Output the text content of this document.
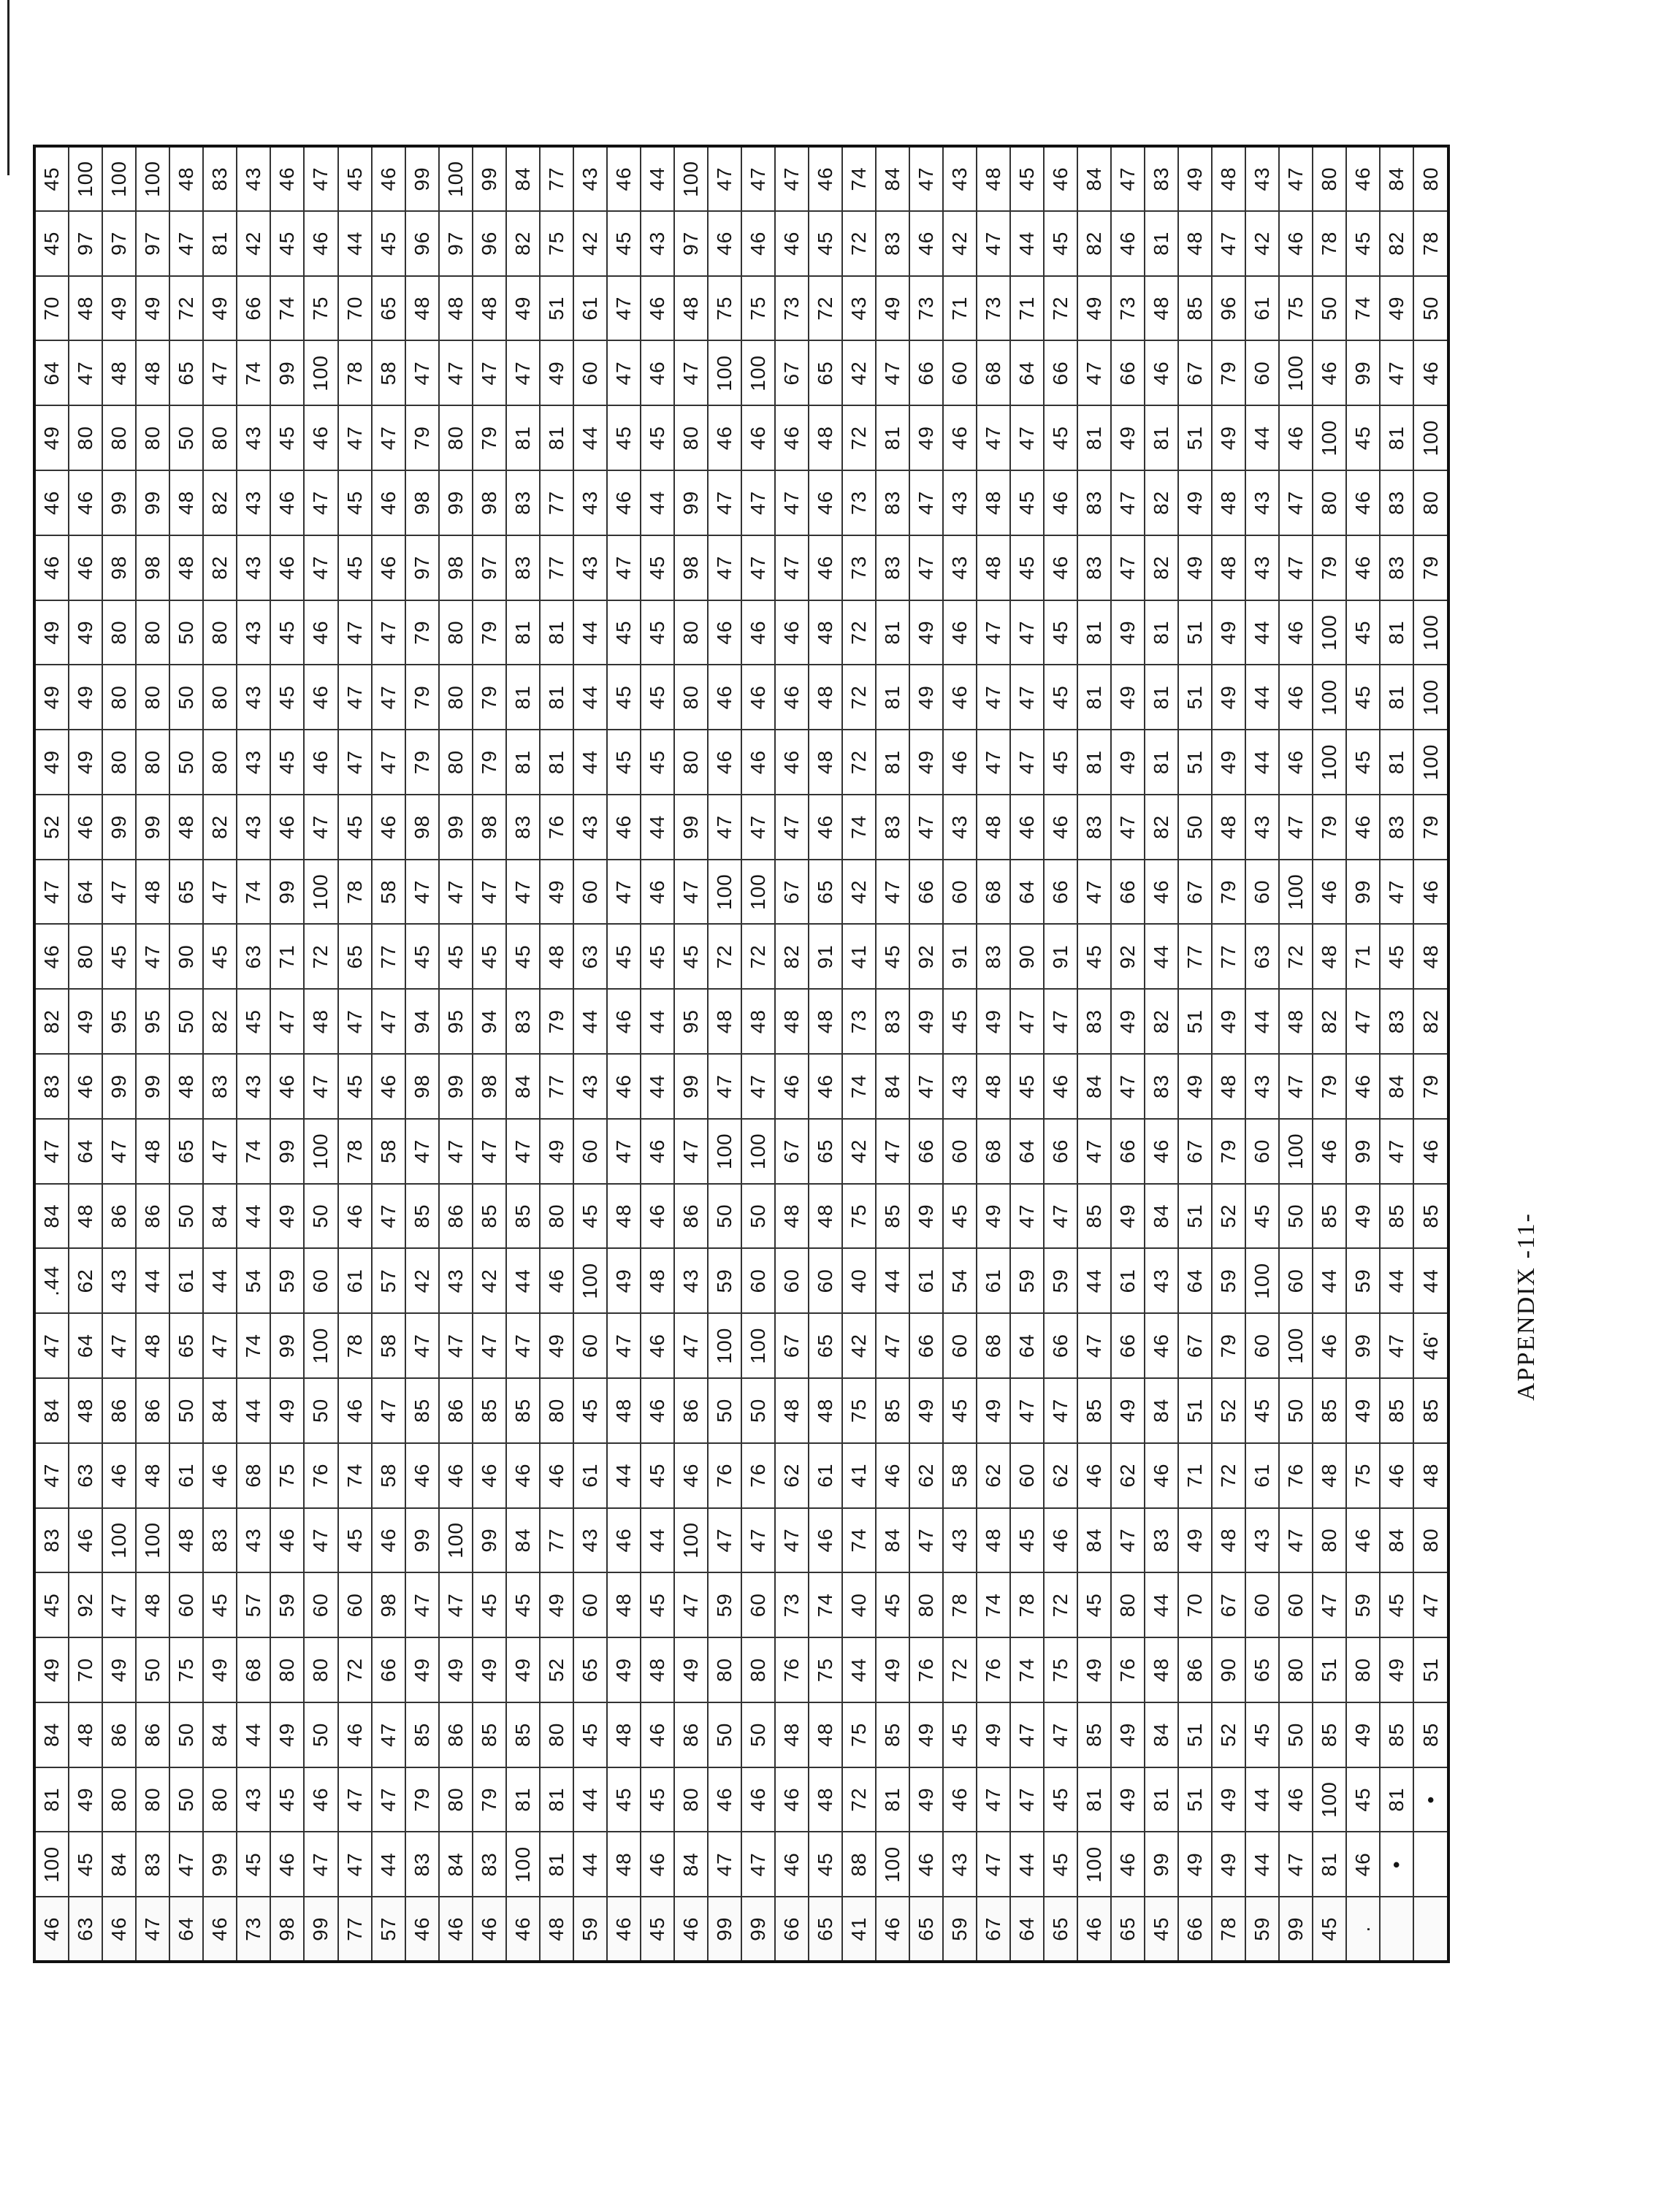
46	100	81	84	49	45	83	47	84	47	.44	84	47	83	82	46	47	52	49	49	49	46	46	49	64	70	45	45
63	45	49	48	70	92	46	63	48	64	62	48	64	46	49	80	64	46	49	49	49	46	46	80	47	48	97	100
46	84	80	86	49	47	100	46	86	47	43	86	47	99	95	45	47	99	80	80	80	98	99	80	48	49	97	100
47	83	80	86	50	48	100	48	86	48	44	86	48	99	95	47	48	99	80	80	80	98	99	80	48	49	97	100
64	47	50	50	75	60	48	61	50	65	61	50	65	48	50	90	65	48	50	50	50	48	48	50	65	72	47	48
46	99	80	84	49	45	83	46	84	47	44	84	47	83	82	45	47	82	80	80	80	82	82	80	47	49	81	83
73	45	43	44	68	57	43	68	44	74	54	44	74	43	45	63	74	43	43	43	43	43	43	43	74	66	42	43
98	46	45	49	80	59	46	75	49	99	59	49	99	46	47	71	99	46	45	45	45	46	46	45	99	74	45	46
99	47	46	50	80	60	47	76	50	100	60	50	100	47	48	72	100	47	46	46	46	47	47	46	100	75	46	47
77	47	47	46	72	60	45	74	46	78	61	46	78	45	47	65	78	45	47	47	47	45	45	47	78	70	44	45
57	44	47	47	66	98	46	58	47	58	57	47	58	46	47	77	58	46	47	47	47	46	46	47	58	65	45	46
46	83	79	85	49	47	99	46	85	47	42	85	47	98	94	45	47	98	79	79	79	97	98	79	47	48	96	99
46	84	80	86	49	47	100	46	86	47	43	86	47	99	95	45	47	99	80	80	80	98	99	80	47	48	97	100
46	83	79	85	49	45	99	46	85	47	42	85	47	98	94	45	47	98	79	79	79	97	98	79	47	48	96	99
46	100	81	85	49	45	84	46	85	47	44	85	47	84	83	45	47	83	81	81	81	83	83	81	47	49	82	84
48	81	81	80	52	49	77	46	80	49	46	80	49	77	79	48	49	76	81	81	81	77	77	81	49	51	75	77
59	44	44	45	65	60	43	61	45	60	100	45	60	43	44	63	60	43	44	44	44	43	43	44	60	61	42	43
46	48	45	48	49	48	46	44	48	47	49	48	47	46	46	45	47	46	45	45	45	47	46	45	47	47	45	46
45	46	45	46	48	45	44	45	46	46	48	46	46	44	44	45	46	44	45	45	45	45	44	45	46	46	43	44
46	84	80	86	49	47	100	46	86	47	43	86	47	99	95	45	47	99	80	80	80	98	99	80	47	48	97	100
99	47	46	50	80	59	47	76	50	100	59	50	100	47	48	72	100	47	46	46	46	47	47	46	100	75	46	47
99	47	46	50	80	60	47	76	50	100	60	50	100	47	48	72	100	47	46	46	46	47	47	46	100	75	46	47
66	46	46	48	76	73	47	62	48	67	60	48	67	46	48	82	67	47	46	46	46	47	47	46	67	73	46	47
65	45	48	48	75	74	46	61	48	65	60	48	65	46	48	91	65	46	48	48	48	46	46	48	65	72	45	46
41	88	72	75	44	40	74	41	75	42	40	75	42	74	73	41	42	74	72	72	72	73	73	72	42	43	72	74
46	100	81	85	49	45	84	46	85	47	44	85	47	84	83	45	47	83	81	81	81	83	83	81	47	49	83	84
65	46	49	49	76	80	47	62	49	66	61	49	66	47	49	92	66	47	49	49	49	47	47	49	66	73	46	47
59	43	46	45	72	78	43	58	45	60	54	45	60	43	45	91	60	43	46	46	46	43	43	46	60	71	42	43
67	47	47	49	76	74	48	62	49	68	61	49	68	48	49	83	68	48	47	47	47	48	48	47	68	73	47	48
64	44	47	47	74	78	45	60	47	64	59	47	64	45	47	90	64	46	47	47	47	45	45	47	64	71	44	45
65	45	45	47	75	72	46	62	47	66	59	47	66	46	47	91	66	46	45	45	45	46	46	45	66	72	45	46
46	100	81	85	49	45	84	46	85	47	44	85	47	84	83	45	47	83	81	81	81	83	83	81	47	49	82	84
65	46	49	49	76	80	47	62	49	66	61	49	66	47	49	92	66	47	49	49	49	47	47	49	66	73	46	47
45	99	81	84	48	44	83	46	84	46	43	84	46	83	82	44	46	82	81	81	81	82	82	81	46	48	81	83
66	49	51	51	86	70	49	71	51	67	64	51	67	49	51	77	67	50	51	51	51	49	49	51	67	85	48	49
78	49	49	52	90	67	48	72	52	79	59	52	79	48	49	77	79	48	49	49	49	48	48	49	79	96	47	48
59	44	44	45	65	60	43	61	45	60	100	45	60	43	44	63	60	43	44	44	44	43	43	44	60	61	42	43
99	47	46	50	80	60	47	76	50	100	60	50	100	47	48	72	100	47	46	46	46	47	47	46	100	75	46	47
45	81	100	85	51	47	80	48	85	46	44	85	46	79	82	48	46	79	100	100	100	79	80	100	46	50	78	80
.	46	45	49	80	59	46	75	49	99	59	49	99	46	47	71	99	46	45	45	45	46	46	45	99	74	45	46
	•	81	85	49	45	84	46	85	47	44	85	47	84	83	45	47	83	81	81	81	83	83	81	47	49	82	84
		•	85	51	47	80	48	85	46'	44	85	46	79	82	48	46	79	100	100	100	79	80	100	46	50	78	80
APPENDIX -11-
